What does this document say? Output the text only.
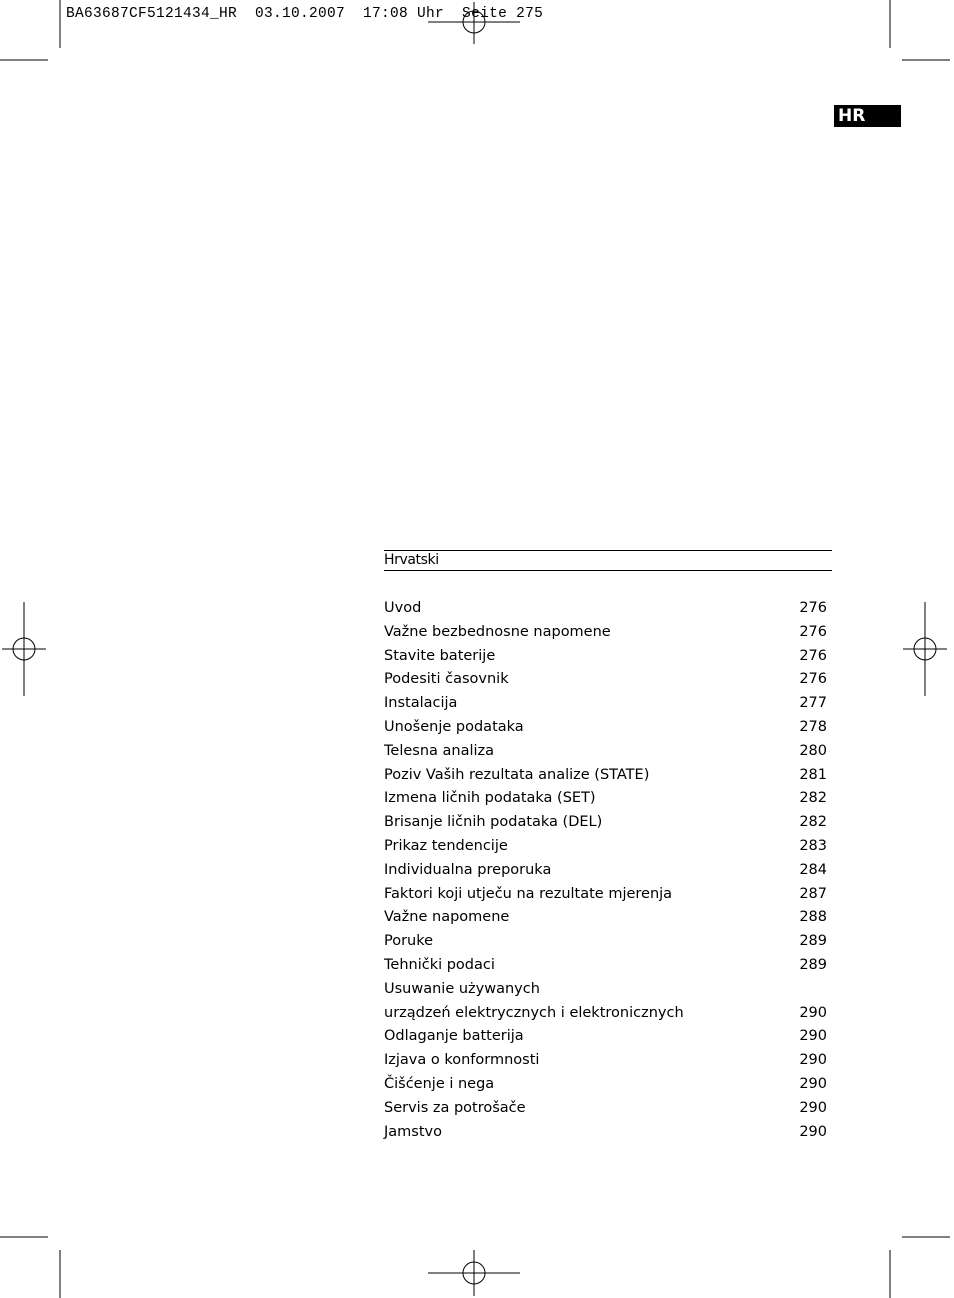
BA63687CF5121434_HR  03.10.2007  17:08 Uhr  Seite 275
HR
Hrvatski
Uvod	276
Važne bezbednosne napomene	276
Stavite baterije	276
Podesiti časovnik	276
Instalacija	277
Unošenje podataka	278
Telesna analiza	280
Poziv Vaših rezultata analize (STATE)	281
Izmena ličnih podataka (SET)	282
Brisanje ličnih podataka (DEL)	282
Prikaz tendencije	283
Individualna preporuka	284
Faktori koji utječu na rezultate mjerenja	287
Važne napomene	288
Poruke	289
Tehnički podaci	289
Usuwanie używanych
urządzeń elektrycznych i elektronicznych	290
Odlaganje batterija	290
Izjava o konformnosti	290
Čišćenje i nega	290
Servis za potrošače	290
Jamstvo	290
